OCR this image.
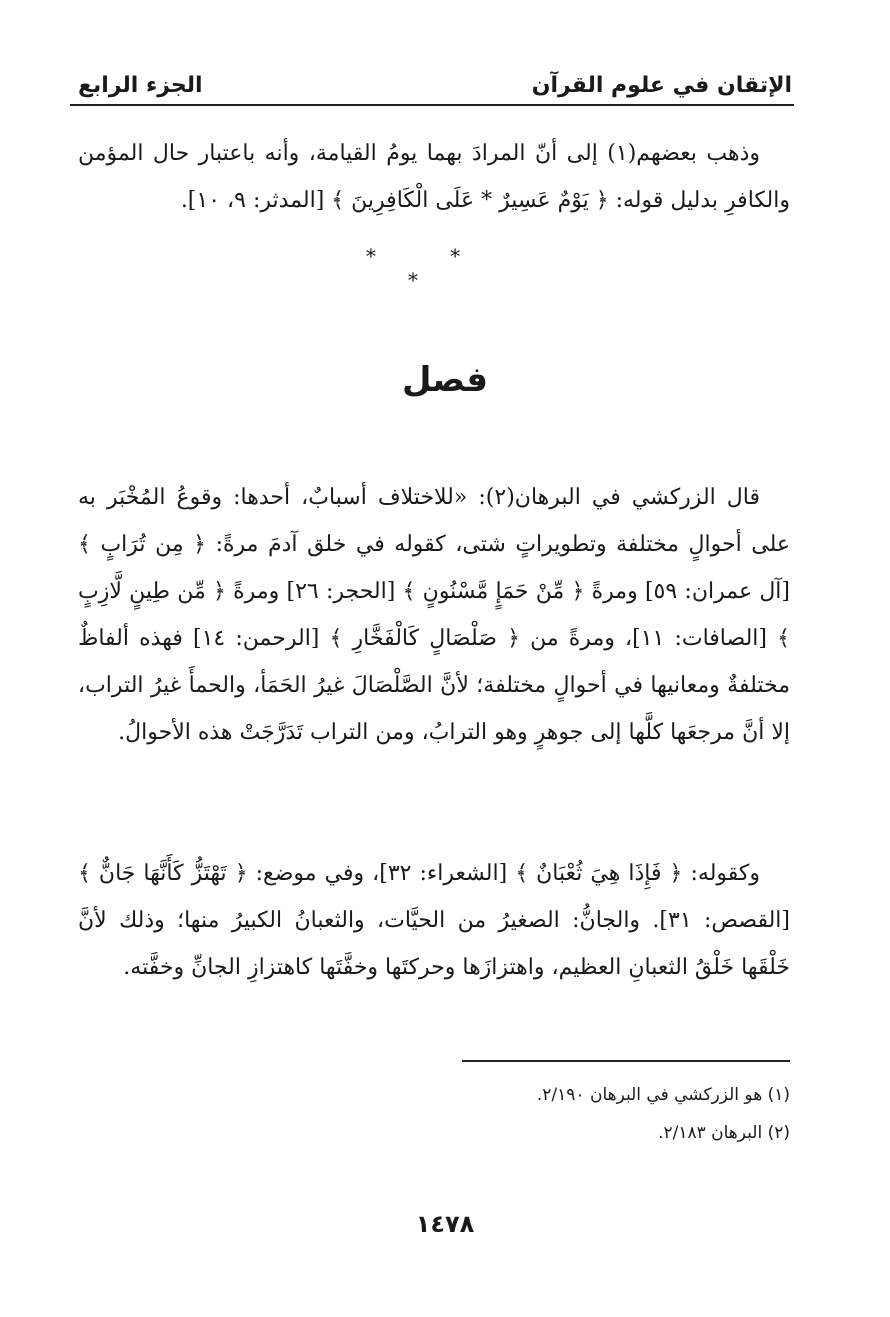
الإتقان في علوم القرآن
الجزء الرابع

وذهب بعضهم(١) إلى أنّ المرادَ بهما يومُ القيامة، وأنه باعتبار حال المؤمن والكافرِ بدليل قوله: ﴿ يَوْمٌ عَسِيرٌ * عَلَى الْكَافِرِينَ ﴾ [المدثر: ٩، ١٠].

* * *
فصل

قال الزركشي في البرهان(٢): «للاختلاف أسبابٌ، أحدها: وقوعُ المُخْبَر به على أحوالٍ مختلفة وتطويراتٍ شتى، كقوله في خلق آدمَ مرةً: ﴿ مِن تُرَابٍ ﴾ [آل عمران: ٥٩] ومرةً ﴿ مِّنْ حَمَإٍ مَّسْنُونٍ ﴾ [الحجر: ٢٦] ومرةً ﴿ مِّن طِينٍ لَّازِبٍ ﴾ [الصافات: ١١]، ومرةً من ﴿ صَلْصَالٍ كَالْفَخَّارِ ﴾ [الرحمن: ١٤] فهذه ألفاظٌ مختلفةٌ ومعانيها في أحوالٍ مختلفة؛ لأنَّ الصَّلْصَالَ غيرُ الحَمَأ، والحمأَ غيرُ التراب، إلا أنَّ مرجعَها كلَّها إلى جوهرٍ وهو الترابُ، ومن التراب تَدَرَّجَتْ هذه الأحوالُ.

وكقوله: ﴿ فَإِذَا هِيَ ثُعْبَانٌ ﴾ [الشعراء: ٣٢]، وفي موضع: ﴿ تَهْتَزُّ كَأَنَّهَا جَانٌّ ﴾ [القصص: ٣١]. والجانُّ: الصغيرُ من الحيَّات، والثعبانُ الكبيرُ منها؛ وذلك لأنَّ خَلْقَها خَلْقُ الثعبانِ العظيم، واهتزازَها وحركتَها وخفَّتَها كاهتزازِ الجانِّ وخفَّته.

(١) هو الزركشي في البرهان ٢/١٩٠.

(٢) البرهان ٢/١٨٣.

١٤٧٨
